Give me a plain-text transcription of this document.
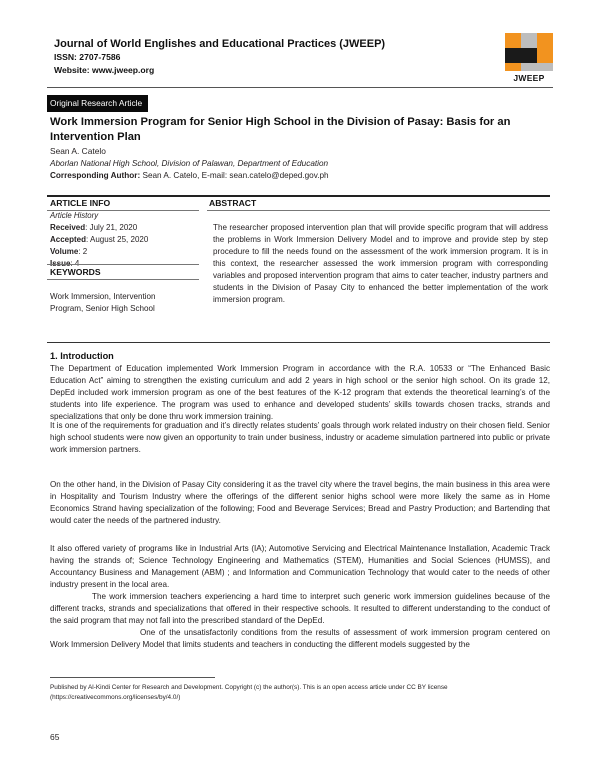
Journal of World Englishes and Educational Practices (JWEEP)
ISSN: 2707-7586
Website: www.jweep.org
JWEEP
Original Research Article
Work Immersion Program for Senior High School in the Division of Pasay: Basis for an Intervention Plan
Sean A. Catelo
Aborlan National High School, Division of Palawan, Department of Education
Corresponding Author: Sean A. Catelo, E-mail: sean.catelo@deped.gov.ph
ARTICLE INFO	ABSTRACT
Article History
Received: July 21, 2020
Accepted: August 25, 2020
Volume: 2
The researcher proposed intervention plan that will provide specific program that will address the problems in Work Immersion Delivery Model and to improve and provide step by step procedure to fill the needs found on the assessment of the work immersion program. It is in this context, the researcher assessed the work immersion program with corresponding variables and proposed intervention program that aims to cater teacher, industry partners and students in the Division of Pasay City to enhanced the better implementation of the work immersion program.
KEYWORDS
Work Immersion, Intervention Program, Senior High School
1. Introduction
The Department of Education implemented Work Immersion Program in accordance with the R.A. 10533 or “The Enhanced Basic Education Act” aiming to strengthen the existing curriculum and add 2 years in high school or the senior high school. On its grade 12, DepEd included work immersion program as one of the best features of the K-12 program that extends the theoretical learning’s of the students into life experience. The program was used to enhance and developed students’ skills towards chosen tracks, strands and specializations that only be done thru work immersion training.
It is one of the requirements for graduation and it’s directly relates students’ goals through work related industry on their chosen field. Senior high school students were now given an opportunity to train under business, industry or academe simulation partnered into public or private work immersion partners.
On the other hand, in the Division of Pasay City considering it as the travel city where the travel begins, the main business in this area were in Hospitality and Tourism Industry where the offerings of the different senior highs school were more likely the same as in Home Economics Strand having specialization of the following; Food and Beverage Services; Bread and Pastry Production; and Bartending that would cater the needs of the partnered industry.
It also offered variety of programs like in Industrial Arts (IA); Automotive Servicing and Electrical Maintenance Installation, Academic Track having the strands of; Science Technology Engineering and Mathematics (STEM), Humanities and Social Sciences (HUMSS), and Accountancy Business and Management (ABM) ; and Information and Communication Technology that would cater to the needs of other industry present in the local area.
The work immersion teachers experiencing a hard time to interpret such generic work immersion guidelines because of the different tracks, strands and specializations that offered in their respective schools. It resulted to different understanding to the conduct of the said program that may not fall into the prescribed standard of the DepEd.
One of the unsatisfactorily conditions from the results of assessment of work immersion program centered on Work Immersion Delivery Model that limits students and teachers in conducting the different models suggested by the
Published by Al-Kindi Center for Research and Development. Copyright (c) the author(s). This is an open access article under CC BY license
(https://creativecommons.org/licenses/by/4.0/)
65
